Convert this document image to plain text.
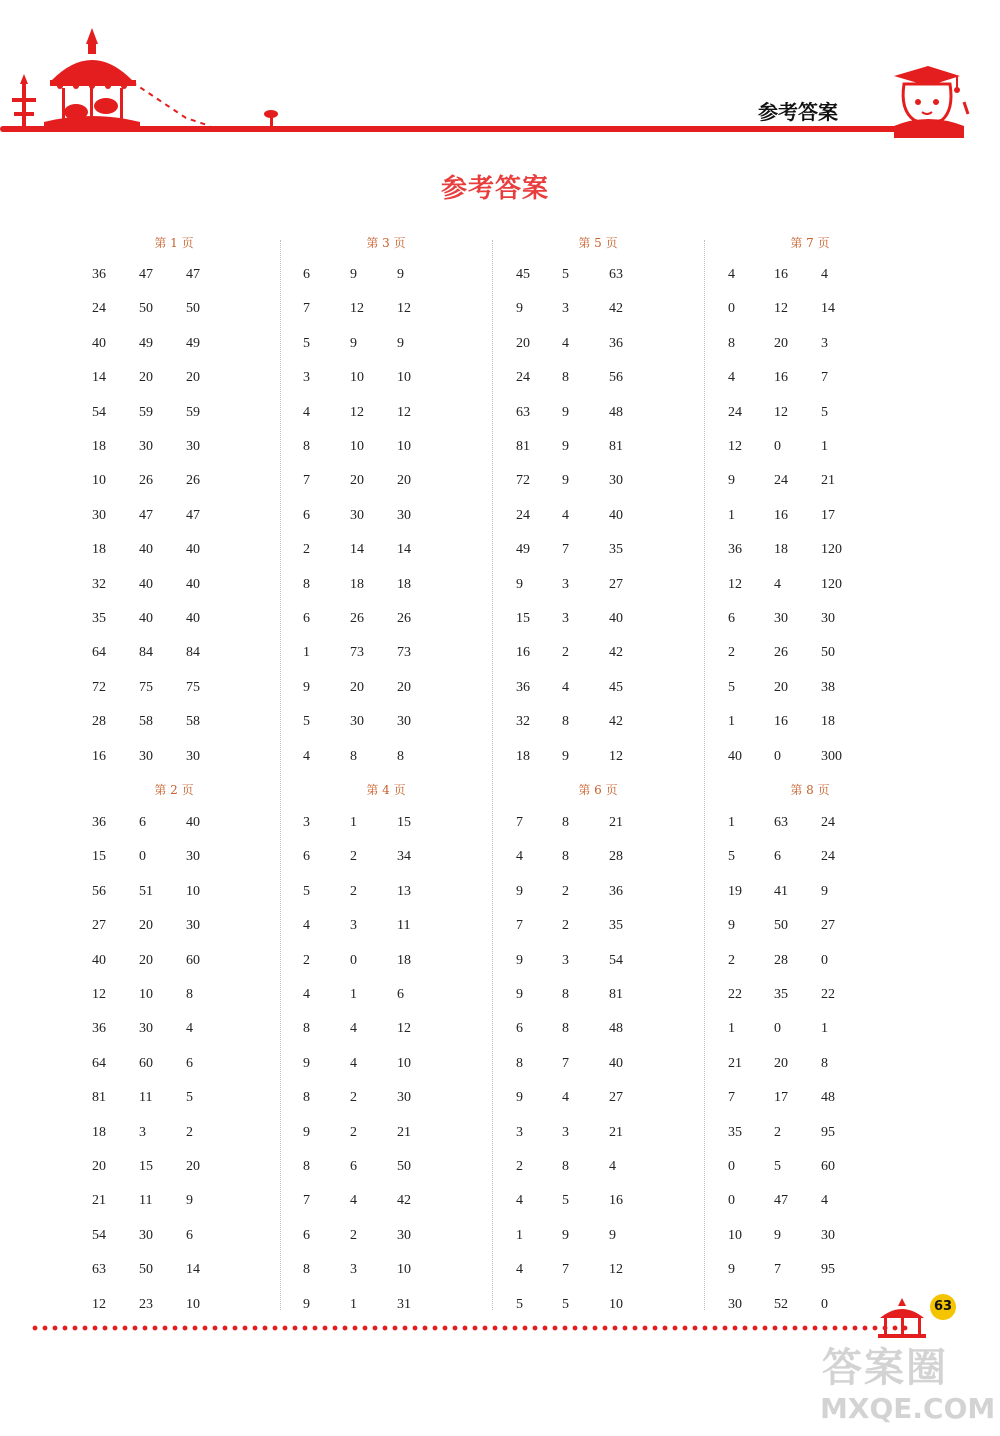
参考答案
参考答案
第 1 页
36 47 47
24 50 50
40 49 49
14 20 20
54 59 59
18 30 30
10 26 26
30 47 47
18 40 40
32 40 40
35 40 40
64 84 84
72 75 75
28 58 58
16 30 30
第 3 页
6	9	9
7	12 12
5	9	9
3	10 10
4	12 12
8	10 10
7	20 20
6	30 30
2	14 14
8	18 18
6	26 26
1	73 73
9	20 20
5	30 30
4	8	8
第 5 页
45 5	63
9	3	42
20 4	36
24 8	56
63 9	48
81 9	81
72 9	30
24 4	40
49 7	35
9	3	27
15 3	40
16 2	42
36 4	45
32 8	42
18 9	12
第 7 页
4	16 4
0	12 14
8	20 3
4	16 7
24 12 5
12 0	1
9	24 21
1	16 17
36 18 120
12 4	120
6	30 30
2	26 50
5	20 38
1	16 18
40 0	300
第 2 页
36 6	40
15 0	30
56 51 10
27 20 30
40 20 60
12 10 8
36 30 4
64 60 6
81 11 5
18 3	2
20 15 20
21 11 9
54 30 6
63 50 14
12 23 10
第 4 页
3	1	15
6	2	34
5	2	13
4	3	11
2	0	18
4	1	6
8	4	12
9	4	10
8	2	30
9	2	21
8	6	50
7	4	42
6	2	30
8	3	10
9	1	31
第 6 页
7	8	21
4	8	28
9	2	36
7	2	35
9	3	54
9	8	81
6	8	48
8	7	40
9	4	27
3	3	21
2	8	4
4	5	16
1	9	9
4	7	12
5	5	10
第 8 页
1	63 24
5	6	24
19 41 9
9	50 27
2	28 0
22 35 22
1	0	1
21 20 8
7	17 48
35 2	95
0	5	60
0	47 4
10 9	30
9	7	95
30 52 0	63
答案圈
MXQE.COM
